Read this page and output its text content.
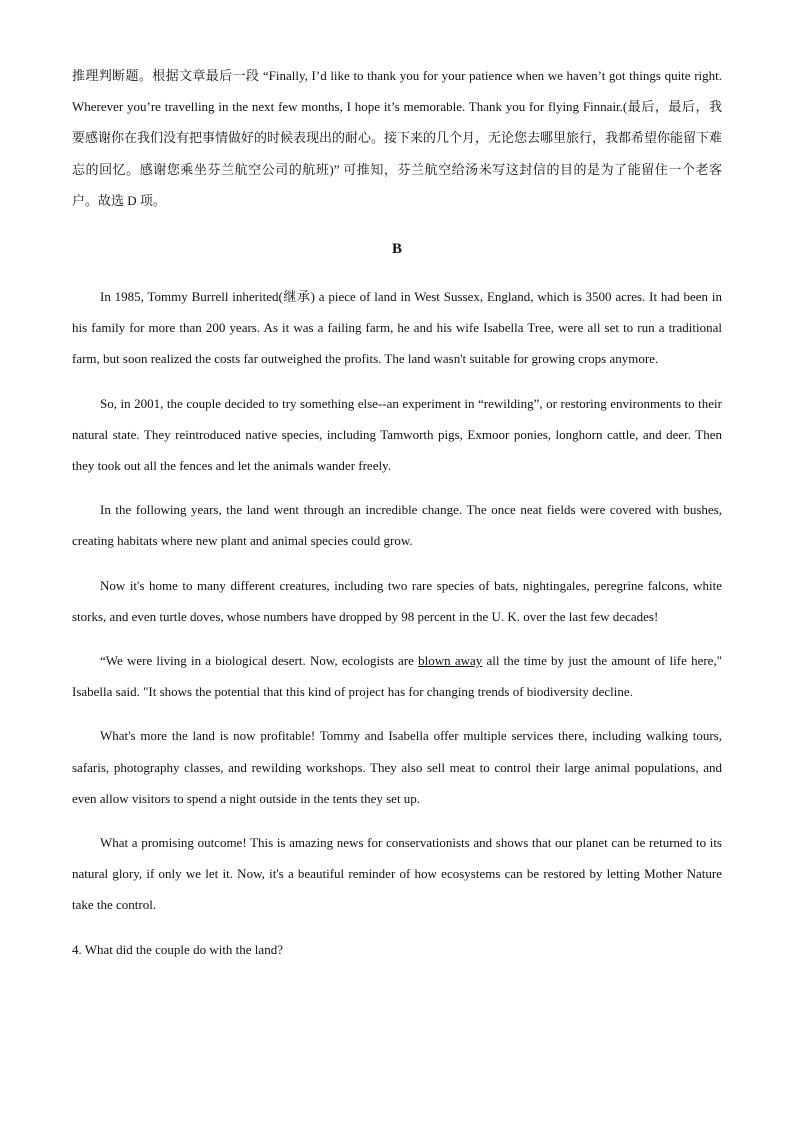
推理判断题。根据文章最后一段 “Finally, I’d like to thank you for your patience when we haven’t got things quite right. Wherever you’re travelling in the next few months, I hope it’s memorable. Thank you for flying Finnair.(最后，最后，我要感谢你在我们没有把事情做好的时候表现出的耐心。接下来的几个月，无论您去哪里旅行，我都希望你能留下难忘的回忆。感谢您乘坐芬兰航空公司的航班)” 可推知，芬兰航空给汤米写这封信的目的是为了能留住一个老客户。故选 D 项。

B

In 1985, Tommy Burrell inherited(继承) a piece of land in West Sussex, England, which is 3500 acres. It had been in his family for more than 200 years. As it was a failing farm, he and his wife Isabella Tree, were all set to run a traditional farm, but soon realized the costs far outweighed the profits. The land wasn't suitable for growing crops anymore.

So, in 2001, the couple decided to try something else--an experiment in “rewilding”, or restoring environments to their natural state. They reintroduced native species, including Tamworth pigs, Exmoor ponies, longhorn cattle, and deer. Then they took out all the fences and let the animals wander freely.

In the following years, the land went through an incredible change. The once neat fields were covered with bushes, creating habitats where new plant and animal species could grow.

Now it's home to many different creatures, including two rare species of bats, nightingales, peregrine falcons, white storks, and even turtle doves, whose numbers have dropped by 98 percent in the U. K. over the last few decades!

“We were living in a biological desert. Now, ecologists are blown away all the time by just the amount of life here," Isabella said. "It shows the potential that this kind of project has for changing trends of biodiversity decline.

What's more the land is now profitable! Tommy and Isabella offer multiple services there, including walking tours, safaris, photography classes, and rewilding workshops. They also sell meat to control their large animal populations, and even allow visitors to spend a night outside in the tents they set up.

What a promising outcome! This is amazing news for conservationists and shows that our planet can be returned to its natural glory, if only we let it. Now, it's a beautiful reminder of how ecosystems can be restored by letting Mother Nature take the control.

4. What did the couple do with the land?
